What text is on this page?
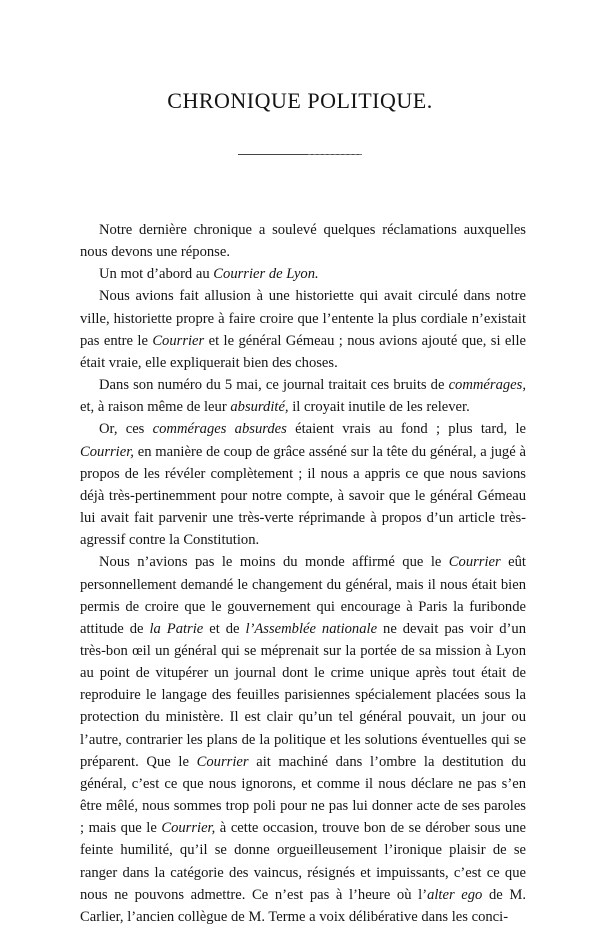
CHRONIQUE POLITIQUE.

Notre dernière chronique a soulevé quelques réclamations auxquelles nous devons une réponse.

Un mot d’abord au Courrier de Lyon.

Nous avions fait allusion à une historiette qui avait circulé dans notre ville, historiette propre à faire croire que l’entente la plus cordiale n’existait pas entre le Courrier et le général Gémeau ; nous avions ajouté que, si elle était vraie, elle expliquerait bien des choses.

Dans son numéro du 5 mai, ce journal traitait ces bruits de commérages, et, à raison même de leur absurdité, il croyait inutile de les relever.

Or, ces commérages absurdes étaient vrais au fond ; plus tard, le Courrier, en manière de coup de grâce asséné sur la tête du général, a jugé à propos de les révéler complètement ; il nous a appris ce que nous savions déjà très-pertinemment pour notre compte, à savoir que le général Gémeau lui avait fait parvenir une très-verte réprimande à propos d’un article très-agressif contre la Constitution.

Nous n’avions pas le moins du monde affirmé que le Courrier eût personnellement demandé le changement du général, mais il nous était bien permis de croire que le gouvernement qui encourage à Paris la furibonde attitude de la Patrie et de l’Assemblée nationale ne devait pas voir d’un très-bon œil un général qui se méprenait sur la portée de sa mission à Lyon au point de vitupérer un journal dont le crime unique après tout était de reproduire le langage des feuilles parisiennes spécialement placées sous la protection du ministère. Il est clair qu’un tel général pouvait, un jour ou l’autre, contrarier les plans de la politique et les solutions éventuelles qui se préparent. Que le Courrier ait machiné dans l’ombre la destitution du général, c’est ce que nous ignorons, et comme il nous déclare ne pas s’en être mêlé, nous sommes trop poli pour ne pas lui donner acte de ses paroles ; mais que le Courrier, à cette occasion, trouve bon de se dérober sous une feinte humilité, qu’il se donne orgueilleusement l’ironique plaisir de se ranger dans la catégorie des vaincus, résignés et impuissants, c’est ce que nous ne pouvons admettre. Ce n’est pas à l’heure où l’alter ego de M. Carlier, l’ancien collègue de M. Terme a voix délibérative dans les conci-
